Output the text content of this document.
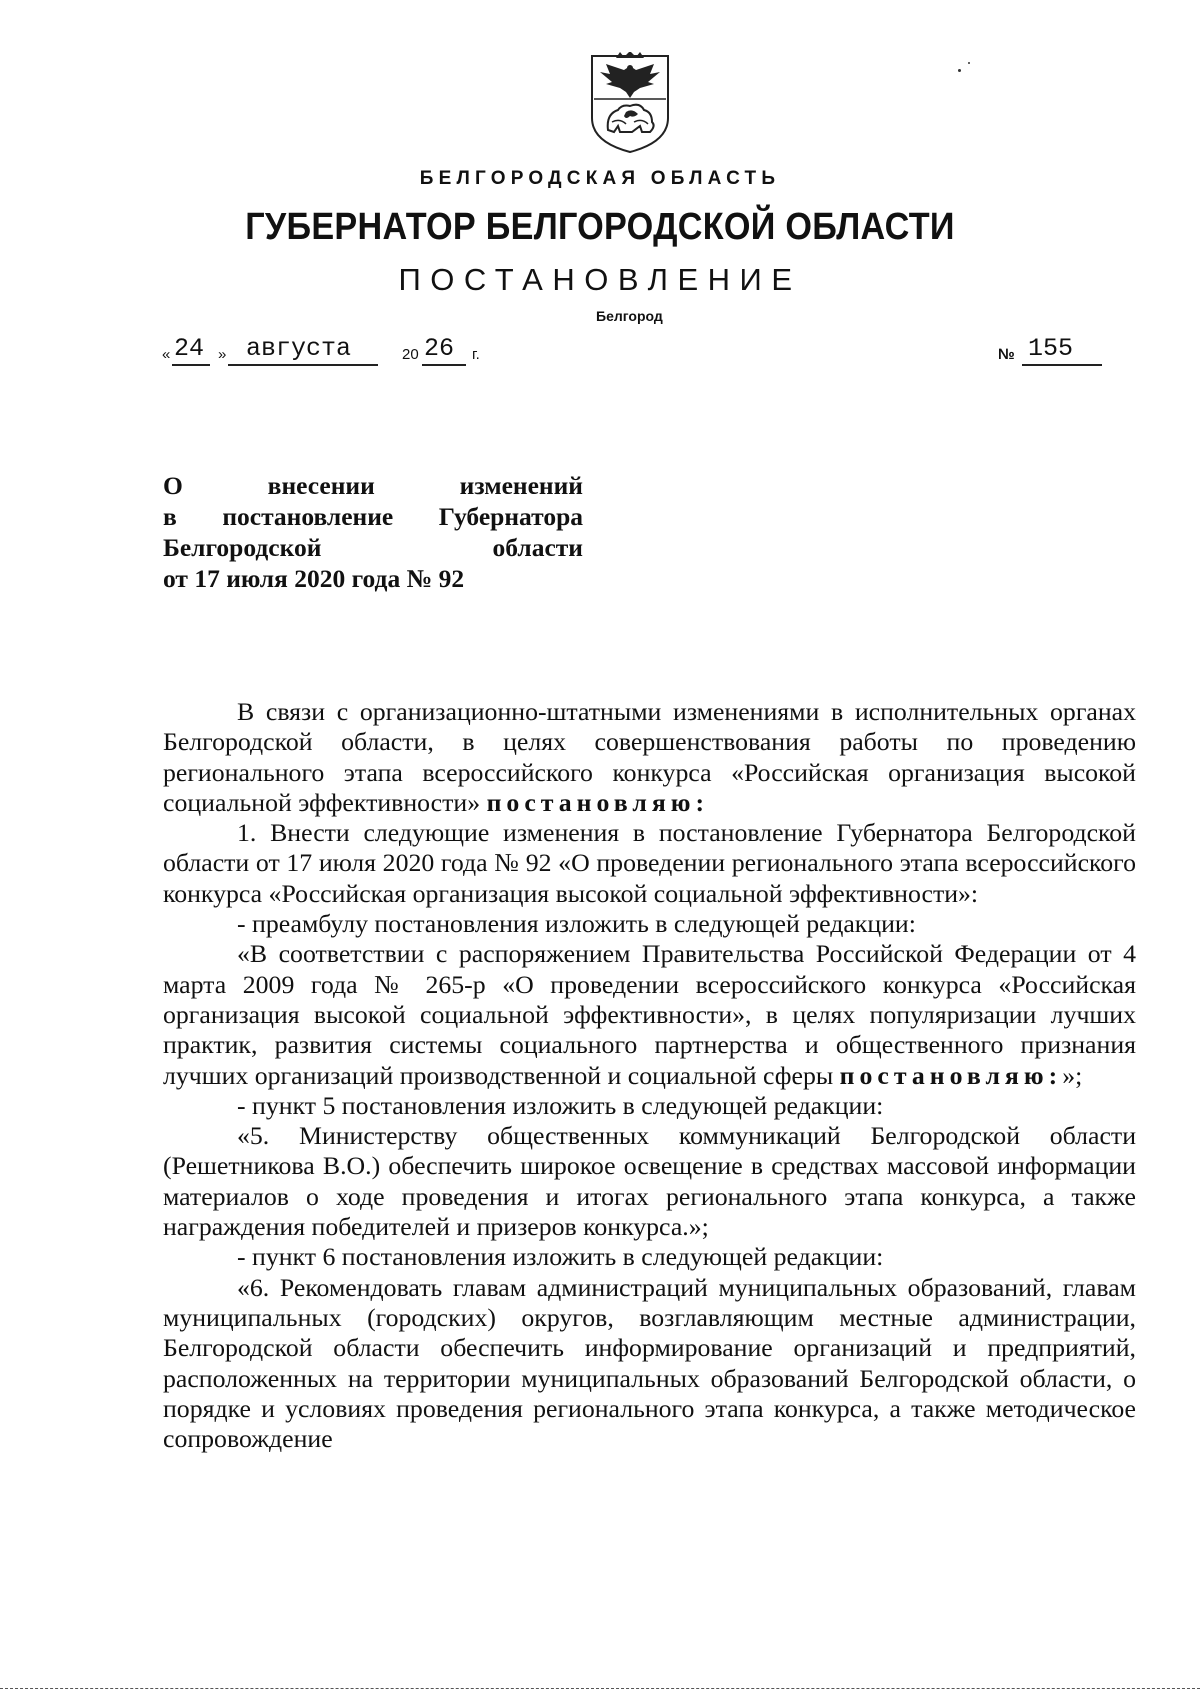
БЕЛГОРОДСКАЯ ОБЛАСТЬ
ГУБЕРНАТОР БЕЛГОРОДСКОЙ ОБЛАСТИ
ПОСТАНОВЛЕНИЕ
Белгород
« 24 » августа	20 26 г.	№ 155
О	внесении	изменений
в постановление Губернатора
Белгородской	области
от 17 июля 2020 года № 92

В связи с организационно-штатными изменениями в исполнительных органах Белгородской области, в целях совершенствования работы по проведению регионального этапа всероссийского конкурса «Российская организация высокой социальной эффективности» постановляю:

1. Внести следующие изменения в постановление Губернатора Белгородской области от 17 июля 2020 года № 92 «О проведении регионального этапа всероссийского конкурса «Российская организация высокой социальной эффективности»:

- преамбулу постановления изложить в следующей редакции:

«В соответствии с распоряжением Правительства Российской Федерации от 4 марта 2009 года № 265-р «О проведении всероссийского конкурса «Российская организация высокой социальной эффективности», в целях популяризации лучших практик, развития системы социального партнерства и общественного признания лучших организаций производственной и социальной сферы постановляю:»;

- пункт 5 постановления изложить в следующей редакции:

«5. Министерству общественных коммуникаций Белгородской области (Решетникова В.О.) обеспечить широкое освещение в средствах массовой информации материалов о ходе проведения и итогах регионального этапа конкурса, а также награждения победителей и призеров конкурса.»;

- пункт 6 постановления изложить в следующей редакции:

«6. Рекомендовать главам администраций муниципальных образований, главам муниципальных (городских) округов, возглавляющим местные администрации, Белгородской области обеспечить информирование организаций и предприятий, расположенных на территории муниципальных образований Белгородской области, о порядке и условиях проведения регионального этапа конкурса, а также методическое сопровождение
